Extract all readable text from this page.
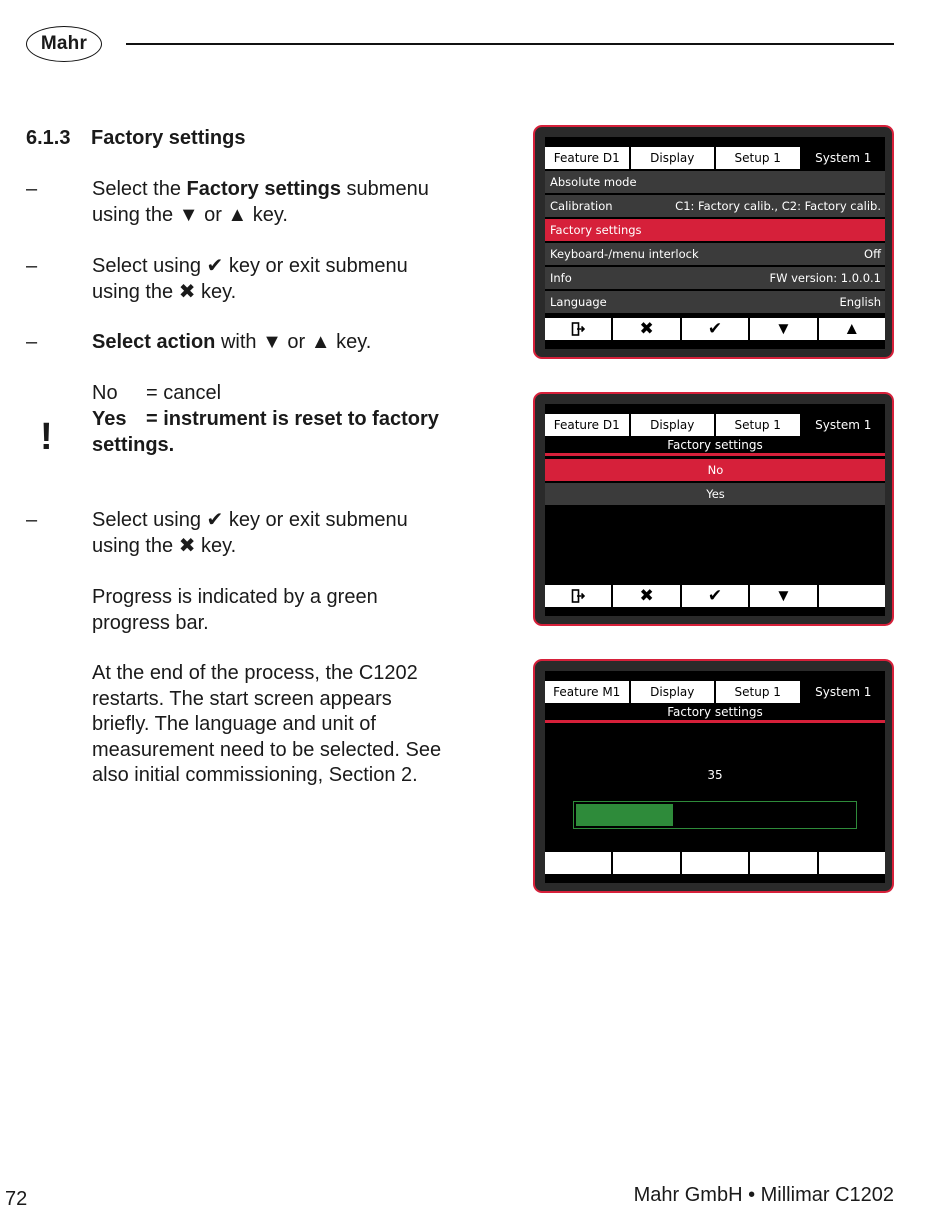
Mahr
6.1.3 Factory settings
–	Select the Factory settings submenu using the ▼ or ▲ key.
–	Select using ✔ key or exit submenu using the ✖ key.
–	Select action with ▼ or ▲ key.
No = cancel
Yes = instrument is reset to factory settings.
!
–	Select using ✔ key or exit submenu using the ✖ key.
Progress is indicated by a green progress bar.
At the end of the process, the C1202 restarts. The start screen appears briefly. The language and unit of measurement need to be selected. See also initial commissioning, Section 2.
Feature D1	Display	Setup 1	System 1
Absolute mode
Calibration	C1: Factory calib., C2: Factory calib.
Factory settings
Keyboard-/menu interlock	Off
Info	FW version: 1.0.0.1
Language	English
✖	✔	▼	▲
Feature D1	Display	Setup 1	System 1
Factory settings
No
Yes
✖	✔	▼
Feature M1	Display	Setup 1	System 1
Factory settings
35
72	Mahr GmbH • Millimar C1202
